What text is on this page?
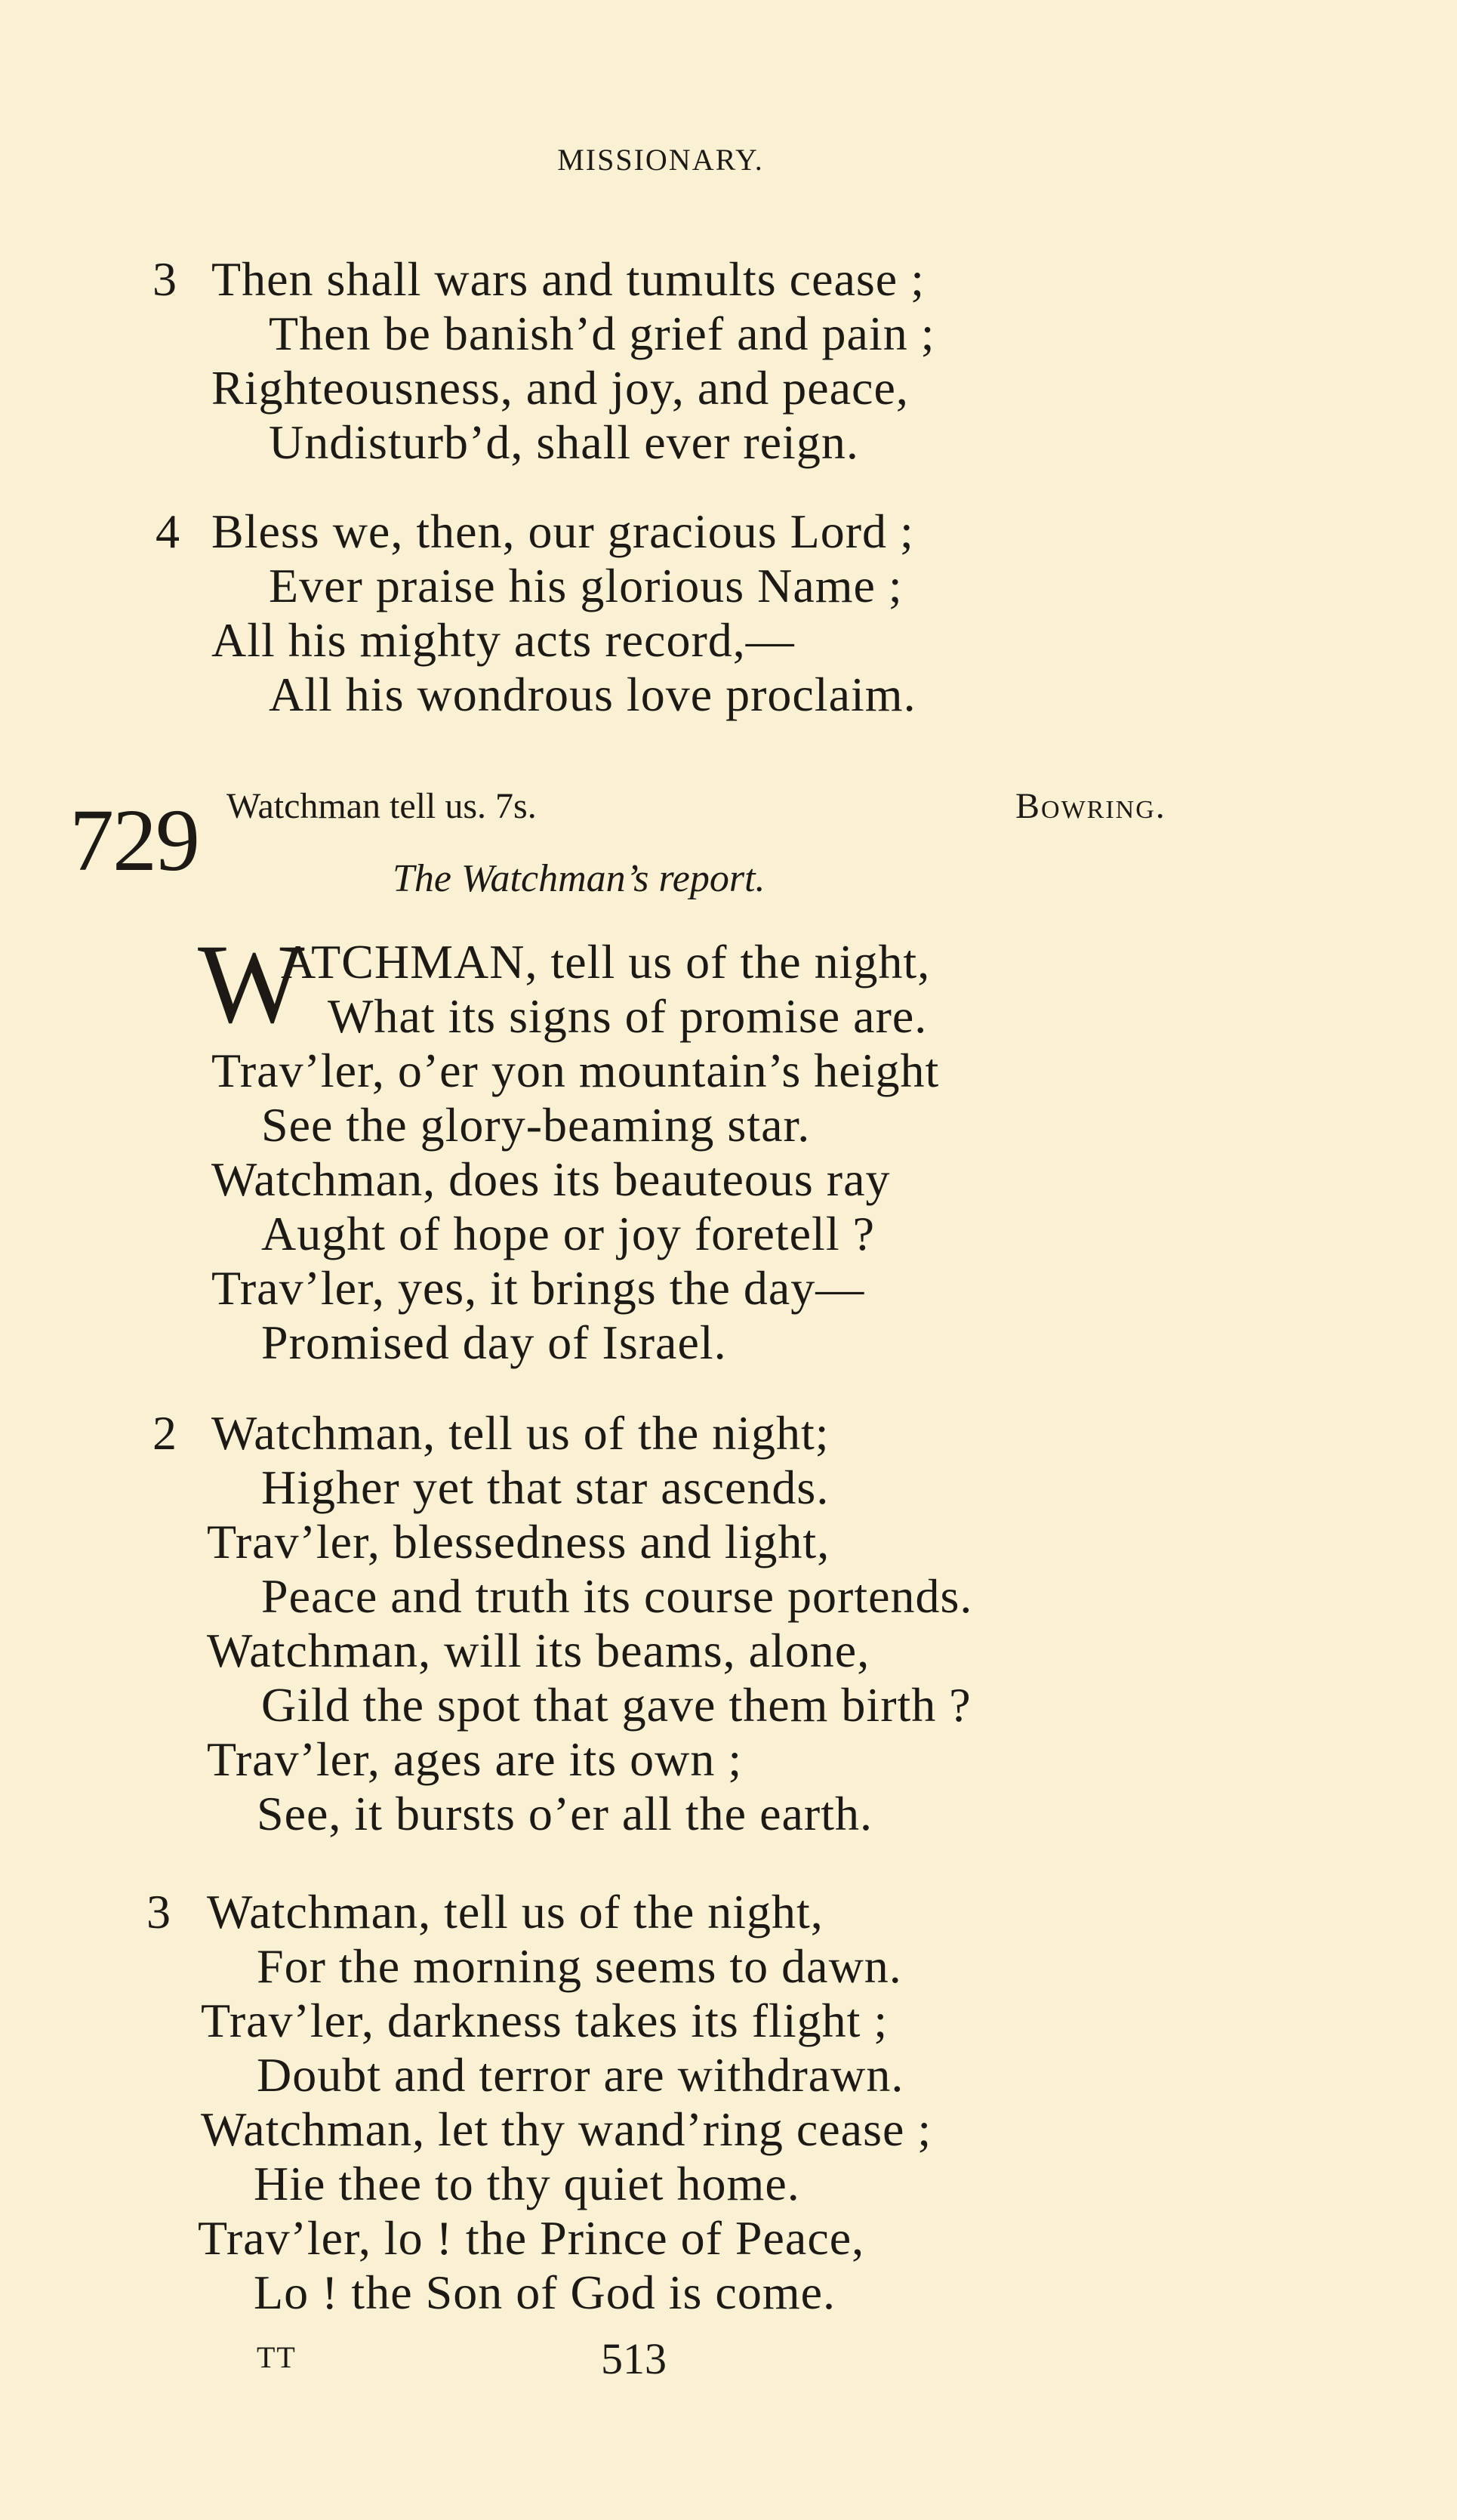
MISSIONARY.
3 Then shall wars and tumults cease ;
Then be banish’d grief and pain ;
Righteousness, and joy, and peace,
Undisturb’d, shall ever reign.
4 Bless we, then, our gracious Lord ;
Ever praise his glorious Name ;
All his mighty acts record,—
All his wondrous love proclaim.
729 Watchman tell us. 7s.	Bowring.
The Watchman’s report.
W
ATCHMAN, tell us of the night,
What its signs of promise are.
Trav’ler, o’er yon mountain’s height
See the glory-beaming star.
Watchman, does its beauteous ray
Aught of hope or joy foretell ?
Trav’ler, yes, it brings the day—
Promised day of Israel.
2 Watchman, tell us of the night;
Higher yet that star ascends.
Trav’ler, blessedness and light,
Peace and truth its course portends.
Watchman, will its beams, alone,
Gild the spot that gave them birth ?
Trav’ler, ages are its own ;
See, it bursts o’er all the earth.
3 Watchman, tell us of the night,
For the morning seems to dawn.
Trav’ler, darkness takes its flight ;
Doubt and terror are withdrawn.
Watchman, let thy wand’ring cease ;
Hie thee to thy quiet home.
Trav’ler, lo ! the Prince of Peace,
Lo ! the Son of God is come.
TT	513
